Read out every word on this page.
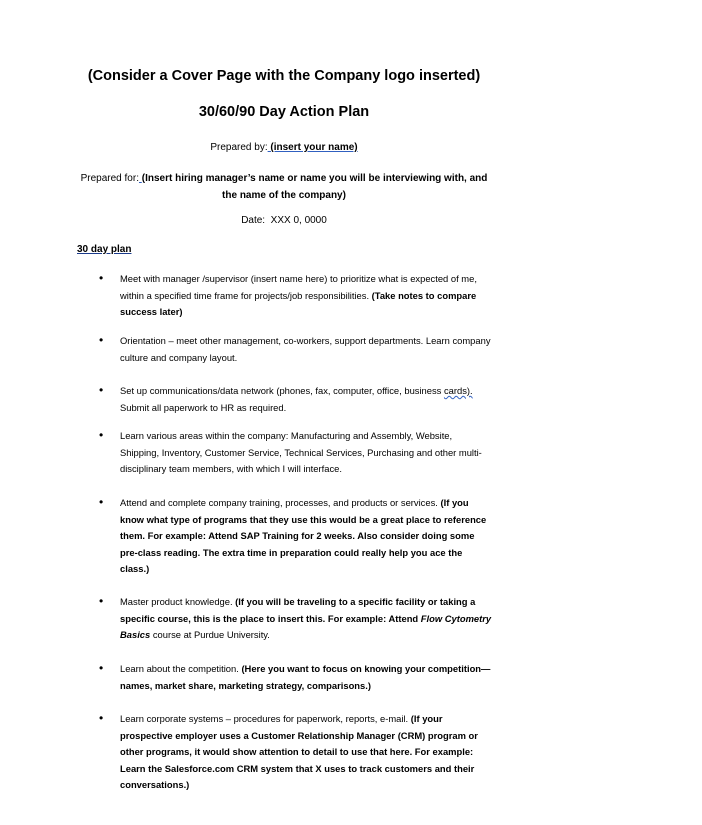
(Consider a Cover Page with the Company logo inserted)
30/60/90 Day Action Plan
Prepared by: (insert your name)
Prepared for: (Insert hiring manager’s name or name you will be interviewing with, and the name of the company)
Date: XXX 0, 0000
30 day plan
• Meet with manager /supervisor (insert name here) to prioritize what is expected of me, within a specified time frame for projects/job responsibilities. (Take notes to compare success later)
• Orientation – meet other management, co-workers, support departments. Learn company culture and company layout.
• Set up communications/data network (phones, fax, computer, office, business cards). Submit all paperwork to HR as required.
• Learn various areas within the company: Manufacturing and Assembly, Website, Shipping, Inventory, Customer Service, Technical Services, Purchasing and other multi-disciplinary team members, with which I will interface.
• Attend and complete company training, processes, and products or services. (If you know what type of programs that they use this would be a great place to reference them. For example: Attend SAP Training for 2 weeks. Also consider doing some pre-class reading. The extra time in preparation could really help you ace the class.)
• Master product knowledge. (If you will be traveling to a specific facility or taking a specific course, this is the place to insert this. For example: Attend Flow Cytometry Basics course at Purdue University.
• Learn about the competition. (Here you want to focus on knowing your competition—names, market share, marketing strategy, comparisons.)
• Learn corporate systems – procedures for paperwork, reports, e-mail. (If your prospective employer uses a Customer Relationship Manager (CRM) program or other programs, it would show attention to detail to use that here. For example: Learn the Salesforce.com CRM system that X uses to track customers and their conversations.)
